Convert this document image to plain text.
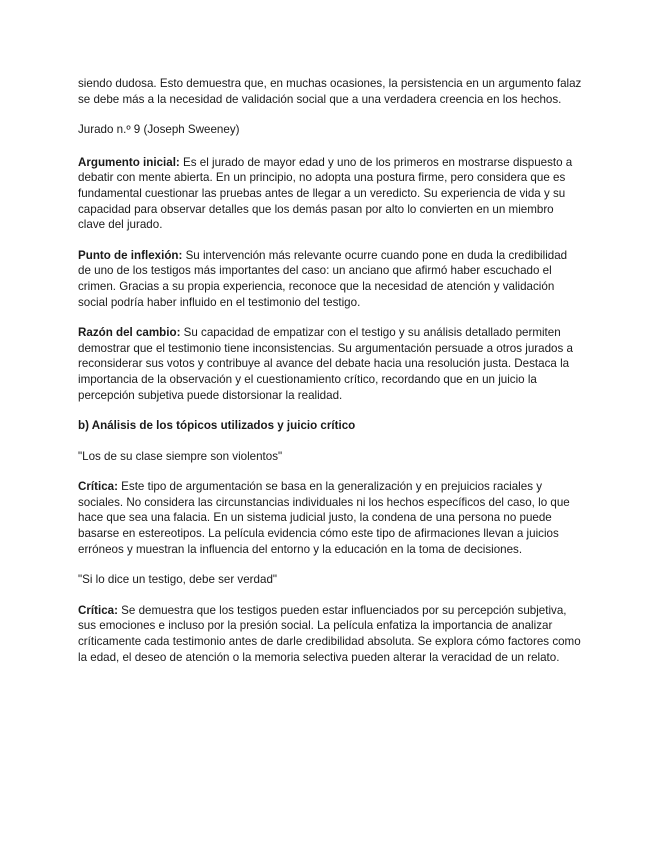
siendo dudosa. Esto demuestra que, en muchas ocasiones, la persistencia en un argumento falaz se debe más a la necesidad de validación social que a una verdadera creencia en los hechos.

Jurado n.º 9 (Joseph Sweeney)

Argumento inicial: Es el jurado de mayor edad y uno de los primeros en mostrarse dispuesto a debatir con mente abierta. En un principio, no adopta una postura firme, pero considera que es fundamental cuestionar las pruebas antes de llegar a un veredicto. Su experiencia de vida y su capacidad para observar detalles que los demás pasan por alto lo convierten en un miembro clave del jurado.

Punto de inflexión: Su intervención más relevante ocurre cuando pone en duda la credibilidad de uno de los testigos más importantes del caso: un anciano que afirmó haber escuchado el crimen. Gracias a su propia experiencia, reconoce que la necesidad de atención y validación social podría haber influido en el testimonio del testigo.

Razón del cambio: Su capacidad de empatizar con el testigo y su análisis detallado permiten demostrar que el testimonio tiene inconsistencias. Su argumentación persuade a otros jurados a reconsiderar sus votos y contribuye al avance del debate hacia una resolución justa. Destaca la importancia de la observación y el cuestionamiento crítico, recordando que en un juicio la percepción subjetiva puede distorsionar la realidad.

b) Análisis de los tópicos utilizados y juicio crítico

"Los de su clase siempre son violentos"

Crítica: Este tipo de argumentación se basa en la generalización y en prejuicios raciales y sociales. No considera las circunstancias individuales ni los hechos específicos del caso, lo que hace que sea una falacia. En un sistema judicial justo, la condena de una persona no puede basarse en estereotipos. La película evidencia cómo este tipo de afirmaciones llevan a juicios erróneos y muestran la influencia del entorno y la educación en la toma de decisiones.

"Si lo dice un testigo, debe ser verdad"

Crítica: Se demuestra que los testigos pueden estar influenciados por su percepción subjetiva, sus emociones e incluso por la presión social. La película enfatiza la importancia de analizar críticamente cada testimonio antes de darle credibilidad absoluta. Se explora cómo factores como la edad, el deseo de atención o la memoria selectiva pueden alterar la veracidad de un relato.
